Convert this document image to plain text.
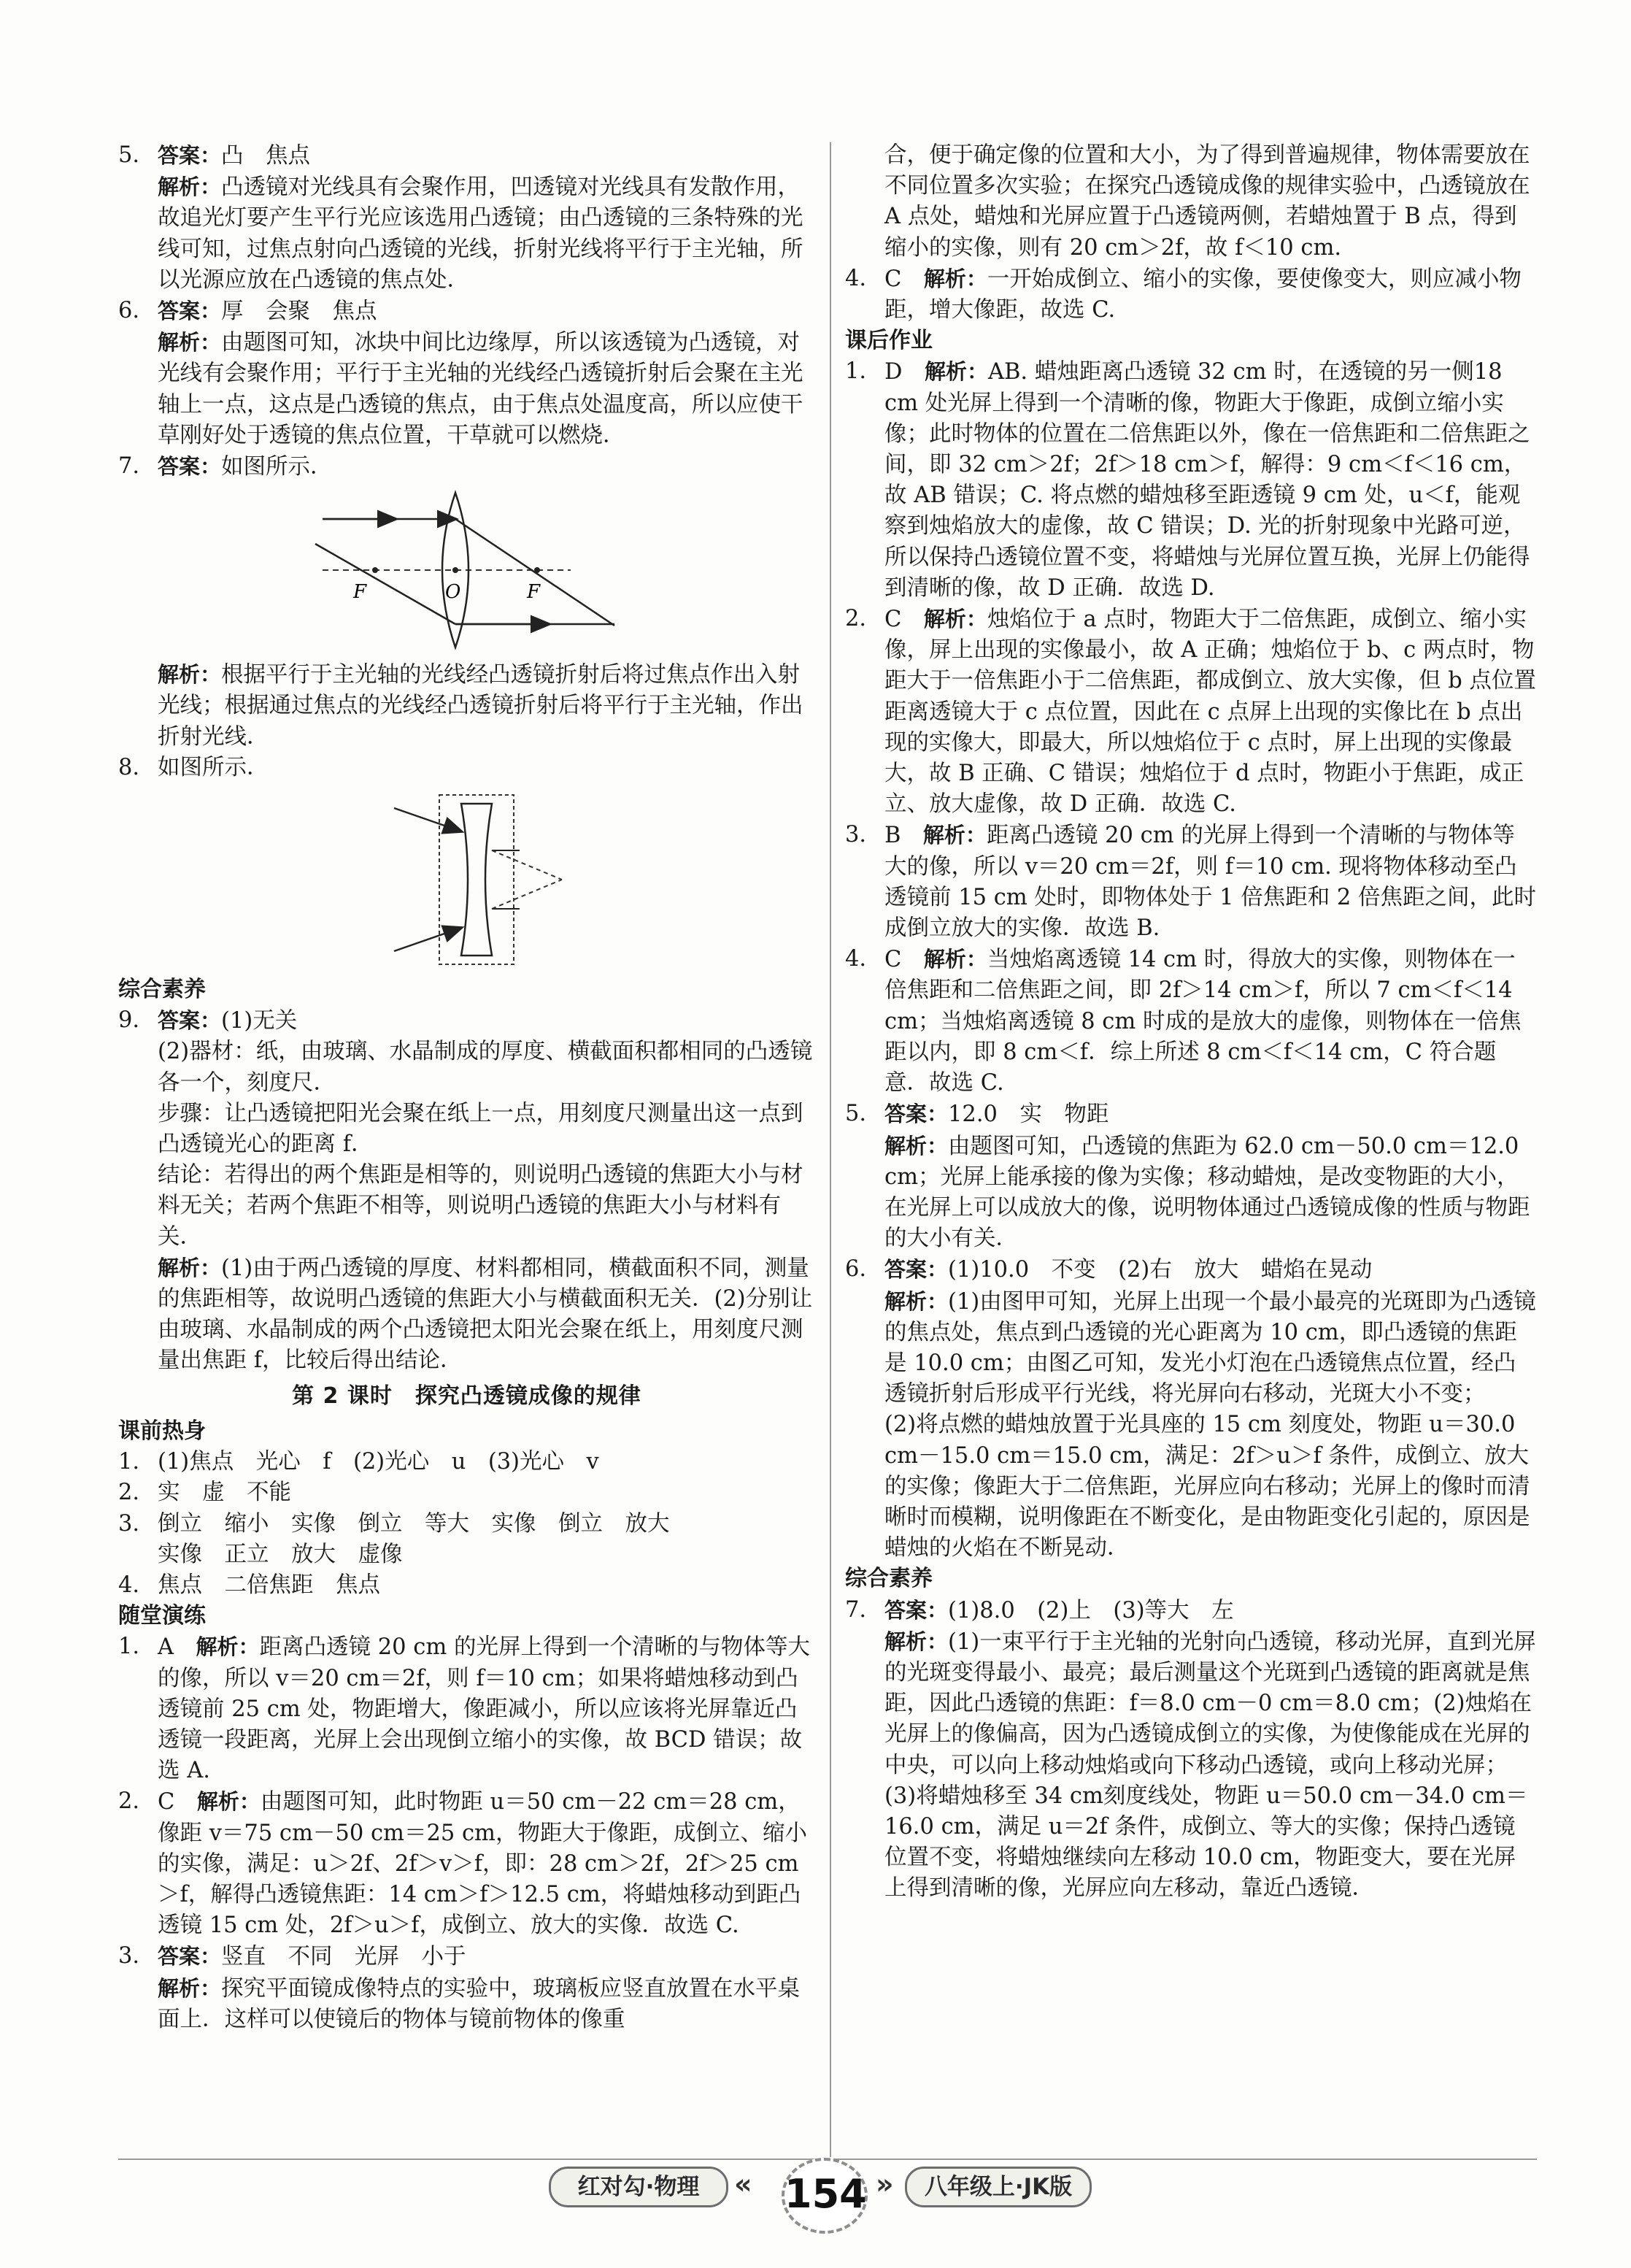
5. 答案：凸　焦点
解析：凸透镜对光线具有会聚作用，凹透镜对光线具有发散作用，故追光灯要产生平行光应该选用凸透镜；由凸透镜的三条特殊的光线可知，过焦点射向凸透镜的光线，折射光线将平行于主光轴，所以光源应放在凸透镜的焦点处．
6. 答案：厚　会聚　焦点
解析：由题图可知，冰块中间比边缘厚，所以该透镜为凸透镜，对光线有会聚作用；平行于主光轴的光线经凸透镜折射后会聚在主光轴上一点，这点是凸透镜的焦点，由于焦点处温度高，所以应使干草刚好处于透镜的焦点位置，干草就可以燃烧．
7. 答案：如图所示．
F	O	F

解析：根据平行于主光轴的光线经凸透镜折射后将过焦点作出入射光线；根据通过焦点的光线经凸透镜折射后将平行于主光轴，作出折射光线．

8. 如图所示．

综合素养

9. 答案：(1)无关
(2)器材：纸，由玻璃、水晶制成的厚度、横截面积都相同的凸透镜各一个，刻度尺．
步骤：让凸透镜把阳光会聚在纸上一点，用刻度尺测量出这一点到凸透镜光心的距离 f．
结论：若得出的两个焦距是相等的，则说明凸透镜的焦距大小与材料无关；若两个焦距不相等，则说明凸透镜的焦距大小与材料有关．
解析：(1)由于两凸透镜的厚度、材料都相同，横截面积不同，测量的焦距相等，故说明凸透镜的焦距大小与横截面积无关．(2)分别让由玻璃、水晶制成的两个凸透镜把太阳光会聚在纸上，用刻度尺测量出焦距 f，比较后得出结论．

第 2 课时　探究凸透镜成像的规律

课前热身

1. (1)焦点　光心　f　(2)光心　u　(3)光心　v
2. 实　虚　不能
3. 倒立　缩小　实像　倒立　等大　实像　倒立　放大
实像　正立　放大　虚像
4. 焦点　二倍焦距　焦点

随堂演练

1. A　 解析：距离凸透镜 20 cm 的光屏上得到一个清晰的与物体等大的像，所以 v＝20 cm＝2f，则 f＝10 cm；如果将蜡烛移动到凸透镜前 25 cm 处，物距增大，像距减小，所以应该将光屏靠近凸透镜一段距离，光屏上会出现倒立缩小的实像，故 BCD 错误；故选 A.
2. C　 解析：由题图可知，此时物距 u＝50 cm－22 cm＝28 cm，像距 v＝75 cm－50 cm＝25 cm，物距大于像距，成倒立、缩小的实像，满足：u＞2f、2f＞v＞f，即：28 cm＞2f，2f＞25 cm＞f，解得凸透镜焦距：14 cm＞f＞12.5 cm，将蜡烛移动到距凸透镜 15 cm 处，2f＞u＞f，成倒立、放大的实像．故选 C.
3. 答案：竖直　不同　光屏　小于
解析：探究平面镜成像特点的实验中，玻璃板应竖直放置在水平桌面上．这样可以使镜后的物体与镜前物体的像重

合，便于确定像的位置和大小，为了得到普遍规律，物体需要放在不同位置多次实验；在探究凸透镜成像的规律实验中，凸透镜放在 A 点处，蜡烛和光屏应置于凸透镜两侧，若蜡烛置于 B 点，得到缩小的实像，则有 20 cm＞2f，故 f＜10 cm.

4. C　 解析：一开始成倒立、缩小的实像，要使像变大，则应减小物距，增大像距，故选 C.

课后作业

1. D　 解析：AB. 蜡烛距离凸透镜 32 cm 时，在透镜的另一侧18 cm 处光屏上得到一个清晰的像，物距大于像距，成倒立缩小实像；此时物体的位置在二倍焦距以外，像在一倍焦距和二倍焦距之间，即 32 cm＞2f；2f＞18 cm＞f，解得：9 cm＜f＜16 cm，故 AB 错误；C. 将点燃的蜡烛移至距透镜 9 cm 处，u＜f，能观察到烛焰放大的虚像，故 C 错误；D. 光的折射现象中光路可逆，所以保持凸透镜位置不变，将蜡烛与光屏位置互换，光屏上仍能得到清晰的像，故 D 正确．故选 D.
2. C　 解析：烛焰位于 a 点时，物距大于二倍焦距，成倒立、缩小实像，屏上出现的实像最小，故 A 正确；烛焰位于 b、c 两点时，物距大于一倍焦距小于二倍焦距，都成倒立、放大实像，但 b 点位置距离透镜大于 c 点位置，因此在 c 点屏上出现的实像比在 b 点出现的实像大，即最大，所以烛焰位于 c 点时，屏上出现的实像最大，故 B 正确、C 错误；烛焰位于 d 点时，物距小于焦距，成正立、放大虚像，故 D 正确．故选 C.
3. B　 解析：距离凸透镜 20 cm 的光屏上得到一个清晰的与物体等大的像，所以 v＝20 cm＝2f，则 f＝10 cm. 现将物体移动至凸透镜前 15 cm 处时，即物体处于 1 倍焦距和 2 倍焦距之间，此时成倒立放大的实像．故选 B.
4. C　 解析：当烛焰离透镜 14 cm 时，得放大的实像，则物体在一倍焦距和二倍焦距之间，即 2f＞14 cm＞f，所以 7 cm＜f＜14 cm；当烛焰离透镜 8 cm 时成的是放大的虚像，则物体在一倍焦距以内，即 8 cm＜f．综上所述 8 cm＜f＜14 cm，C 符合题意．故选 C.
5. 答案：12.0　实　物距
解析：由题图可知，凸透镜的焦距为 62.0 cm－50.0 cm＝12.0 cm；光屏上能承接的像为实像；移动蜡烛，是改变物距的大小，在光屏上可以成放大的像，说明物体通过凸透镜成像的性质与物距的大小有关．
6. 答案：(1)10.0　不变　(2)右　放大　蜡焰在晃动
解析：(1)由图甲可知，光屏上出现一个最小最亮的光斑即为凸透镜的焦点处，焦点到凸透镜的光心距离为 10 cm，即凸透镜的焦距是 10.0 cm；由图乙可知，发光小灯泡在凸透镜焦点位置，经凸透镜折射后形成平行光线，将光屏向右移动，光斑大小不变；
(2)将点燃的蜡烛放置于光具座的 15 cm 刻度处，物距 u＝30.0 cm－15.0 cm＝15.0 cm，满足：2f＞u＞f 条件，成倒立、放大的实像；像距大于二倍焦距，光屏应向右移动；光屏上的像时而清晰时而模糊，说明像距在不断变化，是由物距变化引起的，原因是蜡烛的火焰在不断晃动．

综合素养

7. 答案：(1)8.0　(2)上　(3)等大　左
解析：(1)一束平行于主光轴的光射向凸透镜，移动光屏，直到光屏的光斑变得最小、最亮；最后测量这个光斑到凸透镜的距离就是焦距，因此凸透镜的焦距：f＝8.0 cm－0 cm＝8.0 cm；(2)烛焰在光屏上的像偏高，因为凸透镜成倒立的实像，为使像能成在光屏的中央，可以向上移动烛焰或向下移动凸透镜，或向上移动光屏；(3)将蜡烛移至 34 cm刻度线处，物距 u＝50.0 cm－34.0 cm＝16.0 cm，满足 u＝2f 条件，成倒立、等大的实像；保持凸透镜位置不变，将蜡烛继续向左移动 10.0 cm，物距变大，要在光屏上得到清晰的像，光屏应向左移动，靠近凸透镜．
红对勾·物理	« 154 »	八年级上·JK版
